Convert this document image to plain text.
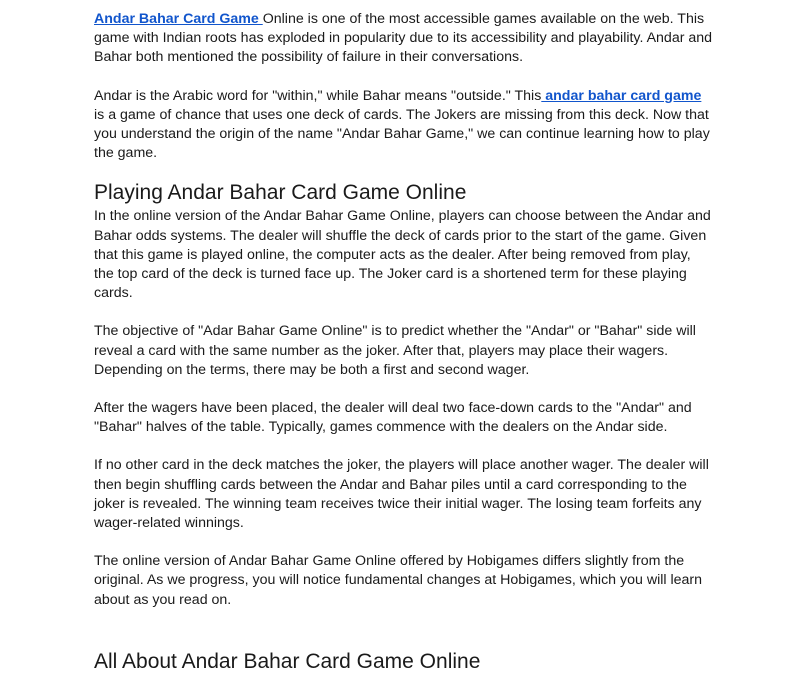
Andar Bahar Card Game Online is one of the most accessible games available on the web. This game with Indian roots has exploded in popularity due to its accessibility and playability. Andar and Bahar both mentioned the possibility of failure in their conversations.

Andar is the Arabic word for "within," while Bahar means "outside." This andar bahar card game is a game of chance that uses one deck of cards. The Jokers are missing from this deck. Now that you understand the origin of the name "Andar Bahar Game," we can continue learning how to play the game.

Playing Andar Bahar Card Game Online

In the online version of the Andar Bahar Game Online, players can choose between the Andar and Bahar odds systems. The dealer will shuffle the deck of cards prior to the start of the game. Given that this game is played online, the computer acts as the dealer. After being removed from play, the top card of the deck is turned face up. The Joker card is a shortened term for these playing cards.

The objective of "Adar Bahar Game Online" is to predict whether the "Andar" or "Bahar" side will reveal a card with the same number as the joker. After that, players may place their wagers. Depending on the terms, there may be both a first and second wager.

After the wagers have been placed, the dealer will deal two face-down cards to the "Andar" and "Bahar" halves of the table. Typically, games commence with the dealers on the Andar side.

If no other card in the deck matches the joker, the players will place another wager. The dealer will then begin shuffling cards between the Andar and Bahar piles until a card corresponding to the joker is revealed. The winning team receives twice their initial wager. The losing team forfeits any wager-related winnings.

The online version of Andar Bahar Game Online offered by Hobigames differs slightly from the original. As we progress, you will notice fundamental changes at Hobigames, which you will learn about as you read on.

All About Andar Bahar Card Game Online
